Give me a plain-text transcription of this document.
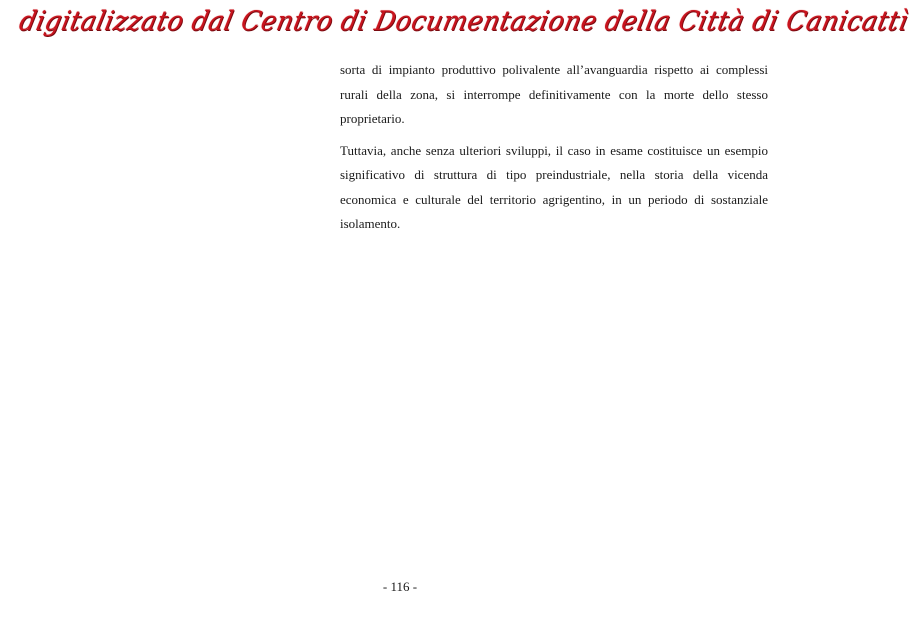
digitalizzato dal Centro di Documentazione della Città di Canicattì

sorta di impianto produttivo polivalente all’avanguardia rispetto ai complessi rurali della zona, si interrompe definitivamente con la morte dello stesso proprietario.

Tuttavia, anche senza ulteriori sviluppi, il caso in esame costituisce un esempio significativo di struttura di tipo preindustriale, nella storia della vicenda economica e culturale del territorio agrigentino, in un periodo di sostanziale isolamento.

- 116 -
